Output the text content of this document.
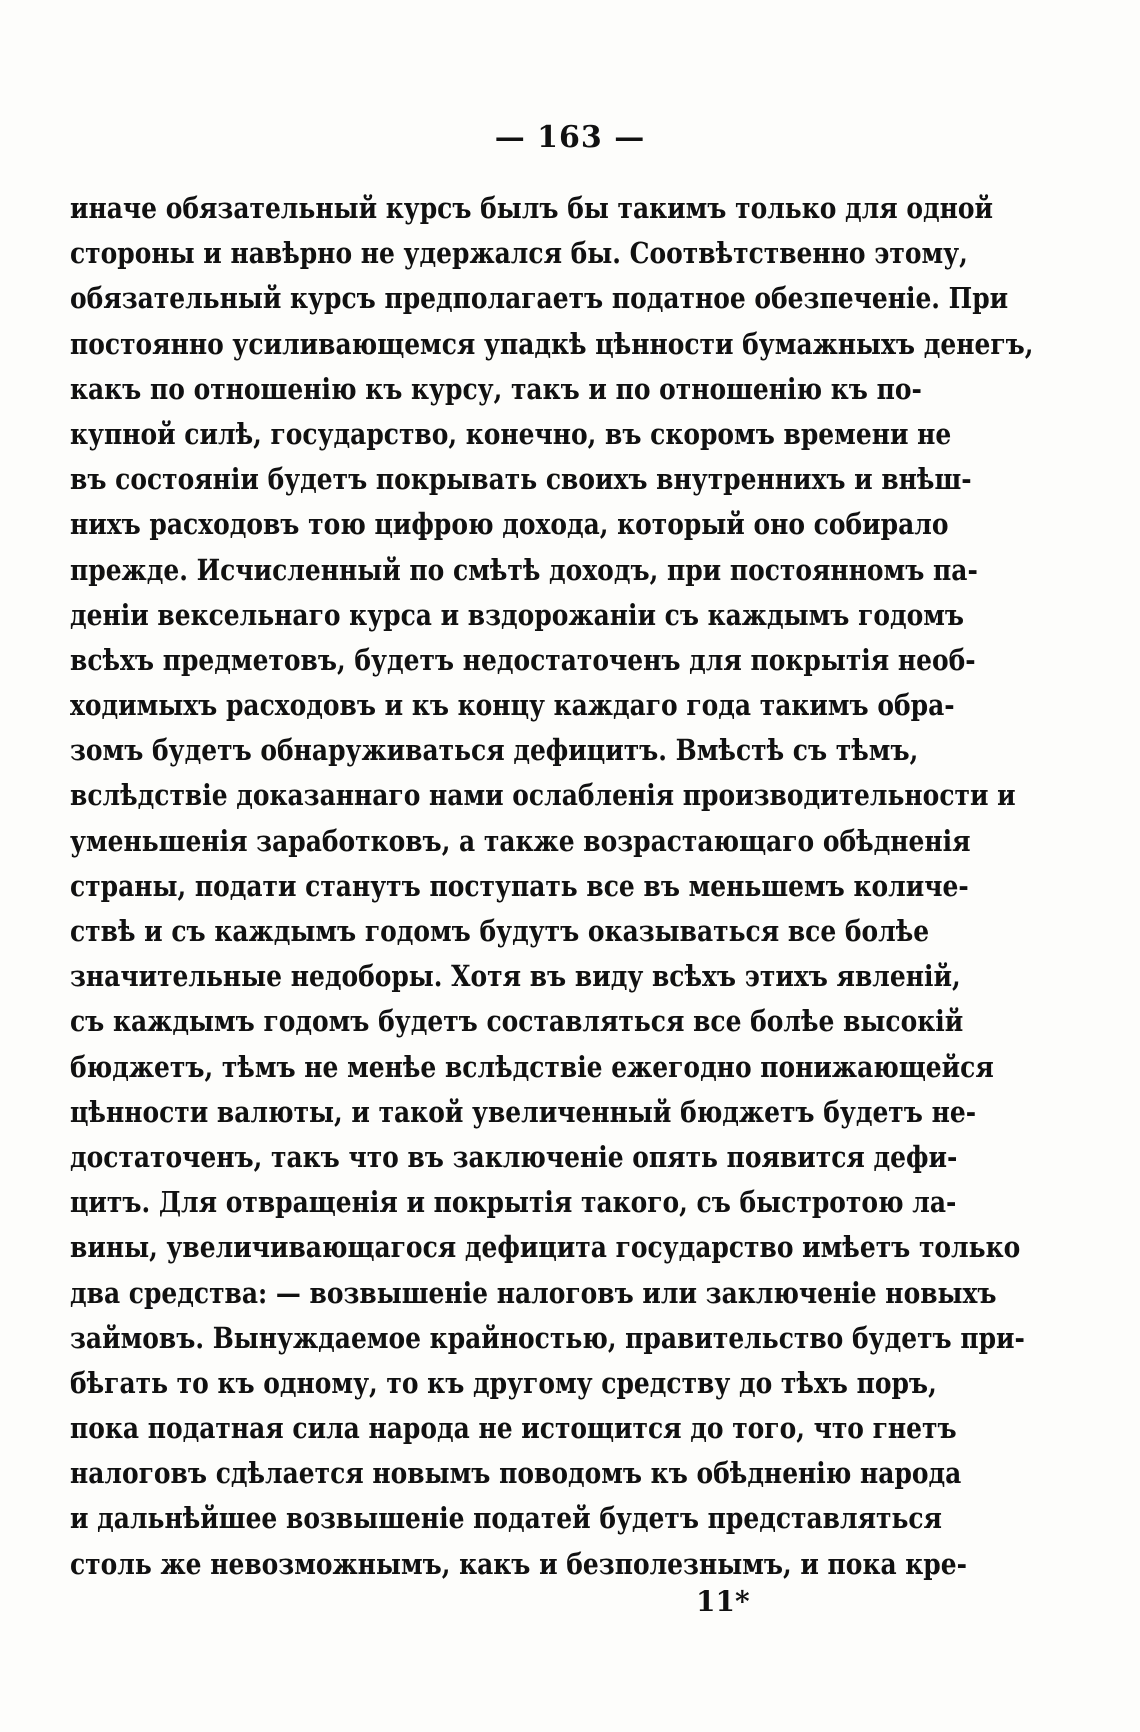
— 163 —
иначе обязательный курсъ былъ бы такимъ только для одной
стороны и навѣрно не удержался бы. Соотвѣтственно этому,
обязательный курсъ предполагаетъ податное обезпеченіе. При
постоянно усиливающемся упадкѣ цѣнности бумажныхъ денегъ,
какъ по отношенію къ курсу, такъ и по отношенію къ по-
купной силѣ, государство, конечно, въ скоромъ времени не
въ состояніи будетъ покрывать своихъ внутреннихъ и внѣш-
нихъ расходовъ тою цифрою дохода, который оно собирало
прежде. Исчисленный по смѣтѣ доходъ, при постоянномъ па-
деніи вексельнаго курса и вздорожаніи съ каждымъ годомъ
всѣхъ предметовъ, будетъ недостаточенъ для покрытія необ-
ходимыхъ расходовъ и къ концу каждаго года такимъ обра-
зомъ будетъ обнаруживаться дефицитъ. Вмѣстѣ съ тѣмъ,
вслѣдствіе доказаннаго нами ослабленія производительности и
уменьшенія заработковъ, а также возрастающаго обѣдненія
страны, подати станутъ поступать все въ меньшемъ количе-
ствѣ и съ каждымъ годомъ будутъ оказываться все болѣе
значительные недоборы. Хотя въ виду всѣхъ этихъ явленій,
съ каждымъ годомъ будетъ составляться все болѣе высокій
бюджетъ, тѣмъ не менѣе вслѣдствіе ежегодно понижающейся
цѣнности валюты, и такой увеличенный бюджетъ будетъ не-
достаточенъ, такъ что въ заключеніе опять появится дефи-
цитъ. Для отвращенія и покрытія такого, съ быстротою ла-
вины, увеличивающагося дефицита государство имѣетъ только
два средства: — возвышеніе налоговъ или заключеніе новыхъ
займовъ. Вынуждаемое крайностью, правительство будетъ при-
бѣгать то къ одному, то къ другому средству до тѣхъ поръ,
пока податная сила народа не истощится до того, что гнетъ
налоговъ сдѣлается новымъ поводомъ къ обѣдненію народа
и дальнѣйшее возвышеніе податей будетъ представляться
столь же невозможнымъ, какъ и безполезнымъ, и пока кре-
11*
